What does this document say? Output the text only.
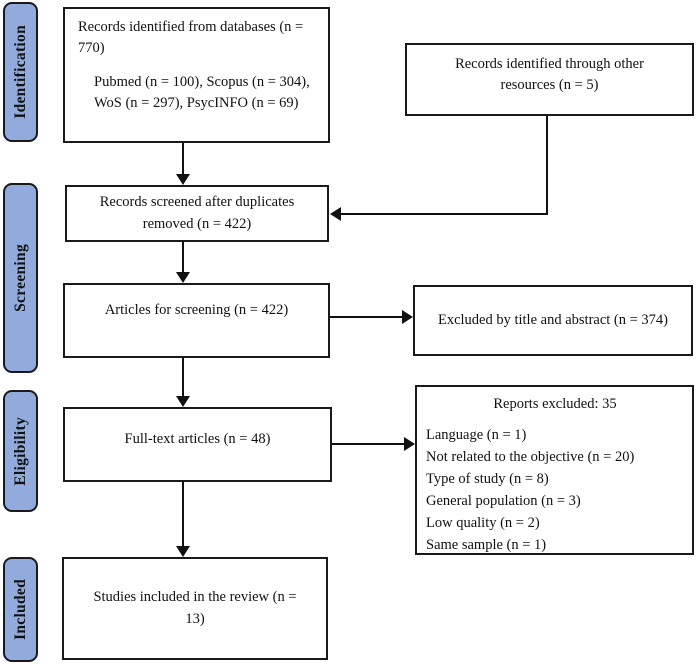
Identification
Screening
Eligibility
Included
Records identified from databases (n = 770)
Pubmed (n = 100), Scopus (n = 304), WoS (n = 297), PsycINFO (n = 69)
Records identified through other resources (n = 5)
Records screened after duplicates removed (n = 422)
Articles for screening (n = 422)
Excluded by title and abstract (n = 374)
Full-text articles (n = 48)
Reports excluded: 35
Language (n = 1)
Not related to the objective (n = 20)
Type of study (n = 8)
General population (n = 3)
Low quality (n = 2)
Same sample (n = 1)
Studies included in the review (n = 13)
